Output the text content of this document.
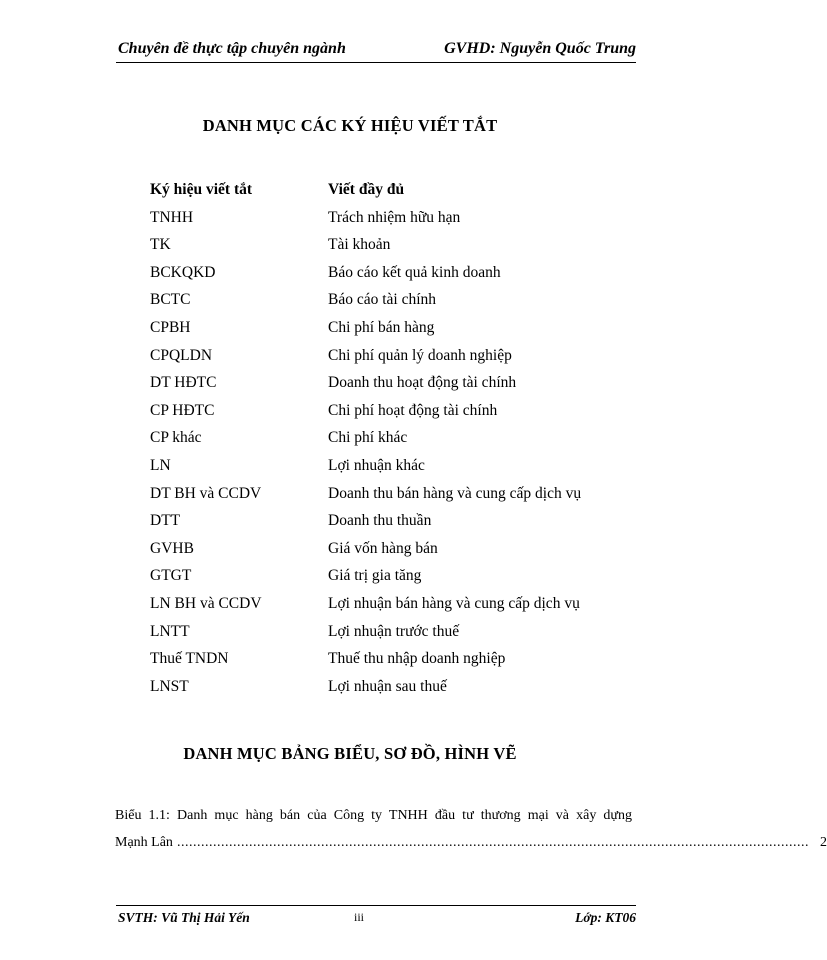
Chuyên đề thực tập chuyên ngành	GVHD: Nguyễn Quốc Trung
DANH MỤC CÁC KÝ HIỆU VIẾT TẮT
Ký hiệu viết tắt	Viết đầy đủ
TNHH	Trách nhiệm hữu hạn
TK	Tài khoản
BCKQKD	Báo cáo kết quả kinh doanh
BCTC	Báo cáo tài chính
CPBH	Chi phí bán hàng
CPQLDN	Chi phí quản lý doanh nghiệp
DT HĐTC	Doanh thu hoạt động tài chính
CP HĐTC	Chi phí hoạt động tài chính
CP khác	Chi phí khác
LN	Lợi nhuận khác
DT BH và CCDV	Doanh thu bán hàng và cung cấp dịch vụ
DTT	Doanh thu thuần
GVHB	Giá vốn hàng bán
GTGT	Giá trị gia tăng
LN BH và CCDV	Lợi nhuận bán hàng và cung cấp dịch vụ
LNTT	Lợi nhuận trước thuế
Thuế TNDN	Thuế thu nhập doanh nghiệp
LNST	Lợi nhuận sau thuế
DANH MỤC BẢNG BIỂU, SƠ ĐỒ, HÌNH VẼ
Biểu 1.1: Danh mục hàng bán của Công ty TNHH đầu tư thương mại và xây dựng
Mạnh Lân .............................................................................................................................................................. 2
SVTH: Vũ Thị Hải Yến	iii	Lớp: KT06
